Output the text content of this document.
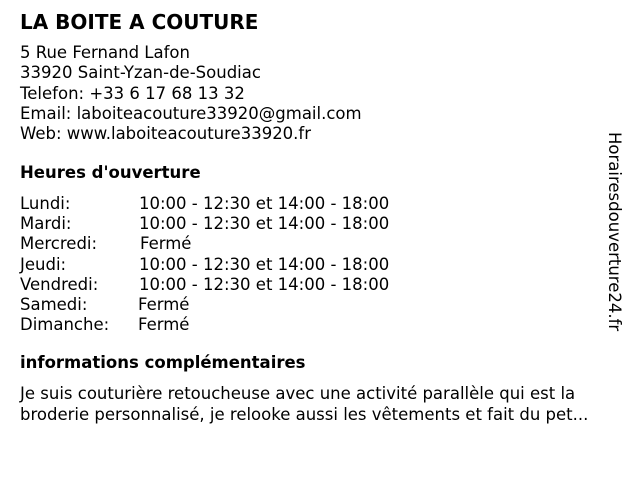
LA BOITE A COUTURE
5 Rue Fernand Lafon
33920 Saint-Yzan-de-Soudiac
Telefon: +33 6 17 68 13 32
Email: laboiteacouture33920@gmail.com
Web: www.laboiteacouture33920.fr
Heures d'ouverture
Lundi:	10:00 - 12:30 et 14:00 - 18:00
Mardi:	10:00 - 12:30 et 14:00 - 18:00
Mercredi:	Fermé
Jeudi:	10:00 - 12:30 et 14:00 - 18:00
Vendredi: 10:00 - 12:30 et 14:00 - 18:00
Samedi:	Fermé
Dimanche: Fermé
informations complémentaires
Je suis couturière retoucheuse avec une activité parallèle qui est la broderie personnalisé, je relooke aussi les vêtements et fait du pet...
Horairesdouverture24.fr
